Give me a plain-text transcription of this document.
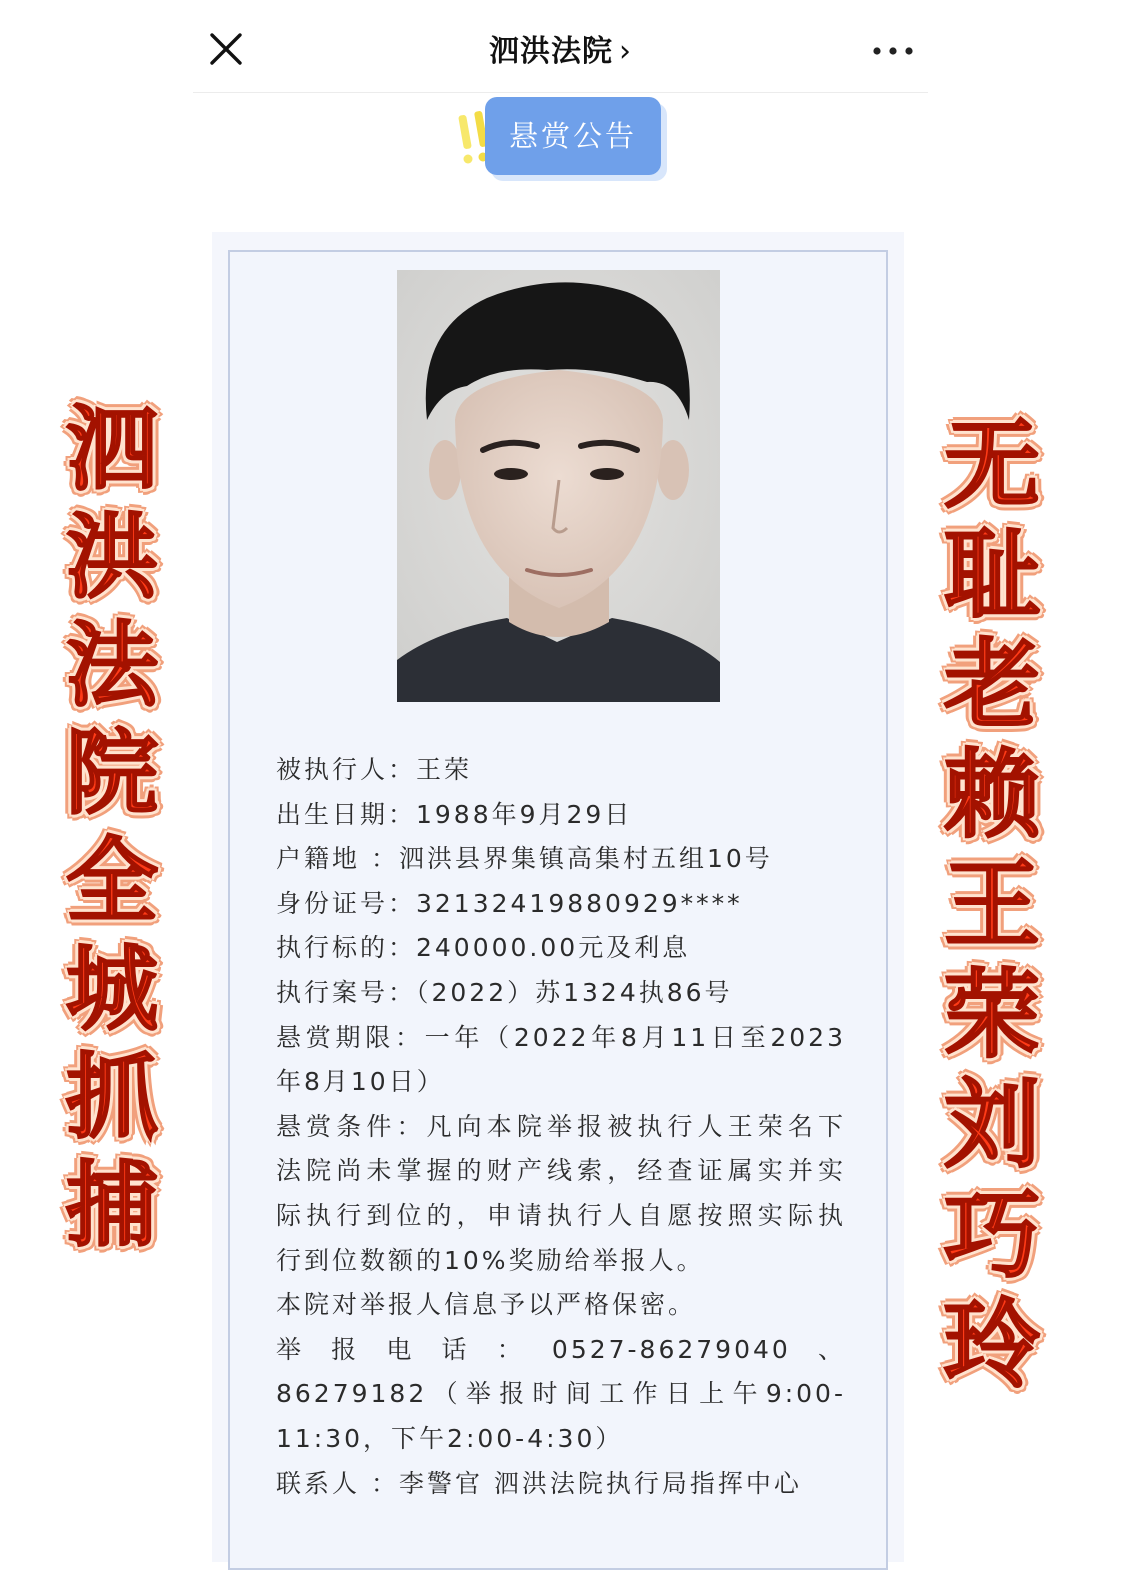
泗洪法院 ›
悬赏公告
被执行人：王荣
出生日期：1988年9月29日
户籍地 ：泗洪县界集镇高集村五组10号
身份证号：32132419880929****
执行标的：240000.00元及利息
执行案号：（2022）苏1324执86号
悬赏期限：一年（2022年8月11日至2023
年8月10日）
悬赏条件：凡向本院举报被执行人王荣名下
法院尚未掌握的财产线索，经查证属实并实
际执行到位的，申请执行人自愿按照实际执
行到位数额的10%奖励给举报人。
本院对举报人信息予以严格保密。
举报电话：0527-86279040、
86279182（举报时间工作日上午9:00-
11:30，下午2:00-4:30）
联系人 ：李警官 泗洪法院执行局指挥中心
泗
洪
法
院
全
城
抓
捕
无
耻
老
赖
王
荣
刘
巧
玲
